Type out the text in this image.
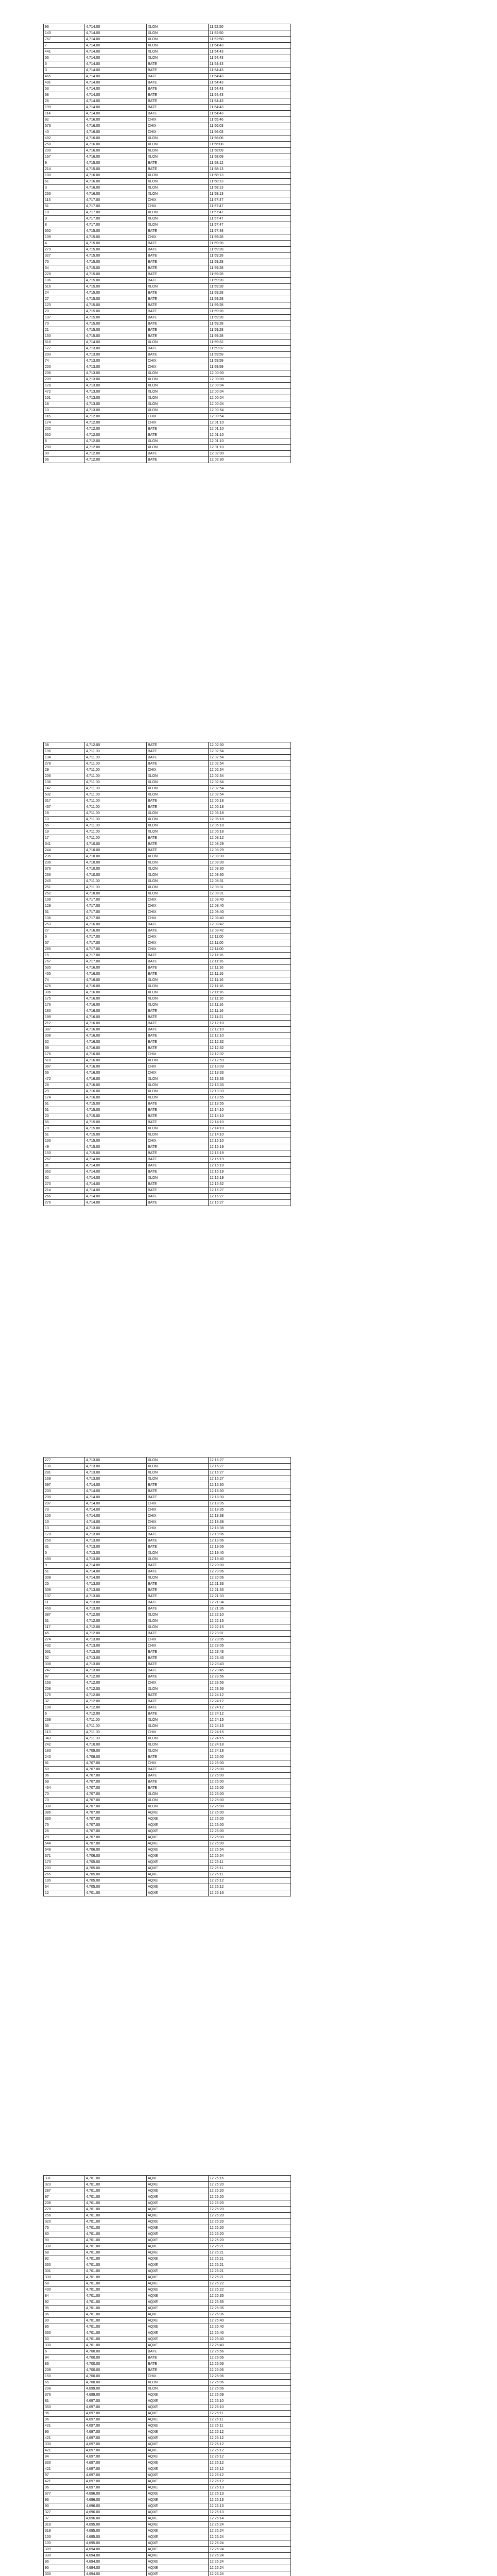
96	4,714.00	XLON	11:52:50
143	4,714.00	XLON	11:52:50
767	4,714.00	XLON	11:52:50
7	4,714.00	XLON	11:54:43
441	4,714.00	XLON	11:54:43
56	4,714.00	XLON	11:54:43
5	4,714.00	BATE	11:54:43
3	4,714.00	BATE	11:54:43
465	4,714.00	BATE	11:54:43
491	4,714.00	BATE	11:54:43
53	4,714.00	BATE	11:54:43
68	4,714.00	BATE	11:54:43
26	4,714.00	BATE	11:54:43
199	4,714.00	BATE	11:54:43
114	4,714.00	BATE	11:54:43
82	4,716.00	CHIX	11:55:46
573	4,716.00	CHIX	11:56:03
40	4,716.00	CHIX	11:56:03
492	4,716.00	XLON	11:56:06
258	4,716.00	XLON	11:56:08
209	4,716.00	XLON	11:58:09
167	4,716.00	XLON	11:58:09
9	4,715.00	BATE	11:58:12
214	4,715.00	BATE	11:58:13
180	4,716.00	XLON	11:58:13
61	4,716.00	XLON	11:58:13
3	4,716.00	XLON	11:58:13
263	4,716.00	XLON	11:58:13
113	4,717.00	CHIX	11:57:47
51	4,717.00	CHIX	11:57:47
18	4,717.00	XLON	11:57:47
9	4,717.00	XLON	11:57:47
8	4,717.00	XLON	11:57:47
652	4,715.00	BATE	11:57:48
109	4,715.00	CHIX	11:59:28
4	4,715.00	BATE	11:59:28
279	4,715.00	BATE	11:59:28
327	4,715.00	BATE	11:59:28
75	4,715.00	BATE	11:59:28
54	4,715.00	BATE	11:59:28
228	4,715.00	BATE	11:59:28
186	4,715.00	BATE	11:59:28
516	4,715.00	XLON	11:59:28
24	4,715.00	BATE	11:59:28
27	4,715.00	BATE	11:59:28
123	4,715.00	BATE	11:59:28
20	4,715.00	BATE	11:59:28
197	4,715.00	BATE	11:59:28
70	4,715.00	BATE	11:59:28
21	4,715.00	BATE	11:59:28
150	4,715.00	BATE	11:59:28
516	4,714.00	XLON	11:59:32
127	4,713.00	BATE	11:59:32
293	4,713.00	BATE	11:59:59
74	4,713.00	CHIX	11:59:59
200	4,713.00	CHIX	11:59:59
206	4,713.00	XLON	12:00:00
209	4,713.00	XLON	12:00:00
128	4,713.00	XLON	12:00:04
472	4,713.00	XLON	12:00:04
101	4,713.00	XLON	12:00:04
18	4,713.00	XLON	12:00:04
10	4,713.00	XLON	12:00:54
116	4,712.00	CHIX	12:00:54
174	4,712.00	CHIX	12:01:10
202	4,712.00	BATE	12:01:10
552	4,712.00	BATE	12:01:10
6	4,712.00	XLON	12:01:10
280	4,712.00	XLON	12:01:10
90	4,712.00	BATE	12:02:00
36	4,712.00	BATE	12:02:30
38	4,712.00	BATE	12:02:30
196	4,711.00	BATE	12:02:54
134	4,711.00	BATE	12:02:54
278	4,711.00	BATE	12:02:54
29	4,711.00	CHIX	12:02:54
206	4,711.00	XLON	12:02:54
136	4,711.00	XLON	12:02:54
142	4,711.00	XLON	12:02:54
532	4,711.00	XLON	12:02:54
317	4,711.00	BATE	12:05:18
437	4,711.00	BATE	12:05:18
18	4,711.00	XLON	12:05:18
10	4,711.00	XLON	12:05:18
55	4,711.00	XLON	12:05:18
19	4,711.00	XLON	12:05:18
17	4,711.00	BATE	12:08:12
341	4,710.00	BATE	12:08:29
244	4,710.00	BATE	12:08:29
235	4,710.00	XLON	12:08:30
236	4,710.00	XLON	12:08:30
376	4,710.00	XLON	12:08:30
236	4,710.00	XLON	12:08:30
245	4,711.00	XLON	12:08:31
251	4,711.00	XLON	12:08:31
252	4,710.00	XLON	12:08:31
109	4,717.00	CHIX	12:08:40
129	4,717.00	CHIX	12:08:40
51	4,717.00	CHIX	12:08:40
136	4,717.00	CHIX	12:08:40
253	4,716.00	BATE	12:08:42
27	4,716.00	BATE	12:08:42
6	4,717.00	CHIX	12:11:00
57	4,717.00	CHIX	12:11:00
285	4,717.00	CHIX	12:11:00
15	4,717.00	BATE	12:11:16
767	4,717.00	BATE	12:11:16
535	4,716.00	BATE	12:11:16
465	4,716.00	BATE	12:11:16
74	4,716.00	XLON	12:11:16
476	4,716.00	XLON	12:11:16
306	4,716.00	XLON	12:11:16
175	4,716.00	XLON	12:11:16
176	4,716.00	XLON	12:11:16
180	4,716.00	BATE	12:11:16
199	4,716.00	BATE	12:11:21
212	4,716.00	BATE	12:12:10
387	4,716.00	BATE	12:12:10
308	4,716.00	BATE	12:12:10
32	4,716.00	BATE	12:12:32
69	4,716.00	BATE	12:12:32
176	4,716.00	CHIX	12:12:32
518	4,716.00	XLON	12:12:59
397	4,716.00	CHIX	12:13:03
56	4,716.00	CHIX	12:13:33
472	4,716.00	XLON	12:13:33
28	4,716.00	XLON	12:13:33
29	4,716.00	XLON	12:13:33
174	4,716.00	XLON	12:13:55
61	4,715.00	BATE	12:13:55
51	4,715.00	BATE	12:14:10
20	4,715.00	BATE	12:14:10
65	4,715.00	BATE	12:14:10
70	4,715.00	XLON	12:14:10
51	4,715.00	XLON	12:14:10
133	4,715.00	CHIX	12:15:10
49	4,715.00	BATE	12:15:19
150	4,715.00	BATE	12:15:19
267	4,714.00	BATE	12:15:19
31	4,714.00	BATE	12:15:19
362	4,714.00	BATE	12:15:19
52	4,714.00	XLON	12:15:19
270	4,714.00	BATE	12:15:52
214	4,714.00	BATE	12:16:27
266	4,714.00	BATE	12:16:27
276	4,714.00	BATE	12:16:27
277	4,713.00	XLON	12:16:27
130	4,713.00	XLON	12:16:27
281	4,713.00	XLON	12:16:27
169	4,713.00	XLON	12:16:27
397	4,714.00	BATE	12:16:30
203	4,714.00	BATE	12:18:30
208	4,714.00	BATE	12:18:30
297	4,714.00	CHIX	12:18:35
73	4,714.00	CHIX	12:18:35
100	4,714.00	CHIX	12:18:38
13	4,714.00	CHIX	12:18:38
13	4,713.00	CHIX	12:18:38
178	4,713.00	BATE	12:19:06
250	4,713.00	BATE	12:19:06
31	4,713.00	BATE	12:19:06
5	4,713.00	XLON	12:19:40
493	4,713.00	XLON	12:19:40
9	4,714.00	BATE	12:20:00
51	4,714.00	BATE	12:20:06
308	4,714.00	XLON	12:20:06
25	4,713.00	BATE	12:21:33
308	4,713.00	BATE	12:21:33
137	4,713.00	BATE	12:21:33
11	4,713.00	BATE	12:21:34
469	4,713.00	BATE	12:21:36
387	4,712.00	XLON	12:22:10
31	4,712.00	XLON	12:22:15
117	4,712.00	XLON	12:22:15
45	4,712.00	BATE	12:23:01
274	4,713.00	CHIX	12:23:05
432	4,713.00	CHIX	12:23:05
531	4,713.00	BATE	12:23:43
32	4,713.00	BATE	12:23:43
308	4,713.00	BATE	12:23:43
247	4,713.00	BATE	12:23:45
87	4,712.00	BATE	12:23:56
163	4,712.00	CHIX	12:23:56
208	4,712.00	XLON	12:23:56
176	4,712.00	BATE	12:24:12
32	4,712.00	BATE	12:24:12
198	4,712.00	BATE	12:24:12
6	4,712.00	BATE	12:24:12
238	4,711.00	XLON	12:24:15
36	4,711.00	XLON	12:24:15
113	4,711.00	CHIX	12:24:15
343	4,711.00	XLON	12:24:15
242	4,710.00	XLON	12:24:18
183	4,709.00	XLON	12:24:18
240	4,708.00	BATE	12:25:00
81	4,707.00	CHIX	12:25:00
60	4,707.00	BATE	12:25:00
96	4,707.00	BATE	12:25:00
69	4,707.00	BATE	12:25:00
464	4,707.00	BATE	12:25:00
70	4,707.00	XLON	12:25:00
70	4,707.00	XLON	12:25:00
330	4,707.00	XLON	12:25:00
386	4,707.00	AQXE	12:25:00
330	4,707.00	AQXE	12:25:00
75	4,707.00	AQXE	12:25:00
26	4,707.00	AQXE	12:25:00
29	4,707.00	AQXE	12:25:00
544	4,707.00	AQXE	12:25:00
548	4,706.00	AQXE	12:25:54
371	4,706.00	AQXE	12:25:54
173	4,705.00	AQXE	12:25:11
203	4,705.00	AQXE	12:25:11
265	4,705.00	AQXE	12:25:11
195	4,705.00	AQXE	12:25:12
64	4,705.00	AQXE	12:25:12
12	4,701.00	AQXE	12:25:16
331	4,701.00	AQXE	12:25:16
323	4,701.00	AQXE	12:25:20
287	4,701.00	AQXE	12:25:20
97	4,701.00	AQXE	12:25:20
208	4,701.00	AQXE	12:25:20
278	4,701.00	AQXE	12:25:20
256	4,701.00	AQXE	12:25:20
320	4,701.00	AQXE	12:25:20
76	4,701.00	AQXE	12:25:20
80	4,701.00	AQXE	12:25:20
90	4,701.00	AQXE	12:25:20
330	4,701.00	AQXE	12:25:21
68	4,701.00	AQXE	12:25:21
92	4,701.00	AQXE	12:25:21
330	4,701.00	AQXE	12:25:21
301	4,701.00	AQXE	12:25:21
330	4,701.00	AQXE	12:25:21
58	4,701.00	AQXE	12:25:22
400	4,701.00	AQXE	12:25:22
84	4,701.00	AQXE	12:25:35
92	4,701.00	AQXE	12:25:35
95	4,701.00	AQXE	12:25:35
86	4,701.00	AQXE	12:25:36
90	4,701.00	AQXE	12:25:40
95	4,701.00	AQXE	12:25:40
330	4,701.00	AQXE	12:25:40
60	4,701.00	AQXE	12:25:40
330	4,701.00	AQXE	12:25:40
6	4,700.00	BATE	12:25:56
94	4,700.00	BATE	12:26:06
83	4,700.00	BATE	12:26:06
208	4,700.00	BATE	12:26:06
150	4,700.00	CHIX	12:26:06
65	4,700.00	XLON	12:26:06
208	4,699.00	XLON	12:26:06
376	4,699.00	AQXE	12:26:09
81	4,697.00	AQXE	12:26:10
350	4,697.00	AQXE	12:26:10
96	4,697.00	AQXE	12:26:11
96	4,697.00	AQXE	12:26:11
421	4,697.00	AQXE	12:26:11
96	4,697.00	AQXE	12:26:12
421	4,697.00	AQXE	12:26:12
330	4,697.00	AQXE	12:26:12
421	4,697.00	AQXE	12:26:12
84	4,697.00	AQXE	12:26:12
330	4,697.00	AQXE	12:26:12
421	4,697.00	AQXE	12:26:12
97	4,697.00	AQXE	12:26:12
421	4,697.00	AQXE	12:26:12
96	4,697.00	AQXE	12:26:13
377	4,696.00	AQXE	12:26:13
96	4,696.00	AQXE	12:26:13
93	4,696.00	AQXE	12:26:13
327	4,696.00	AQXE	12:26:13
97	4,696.00	AQXE	12:26:14
319	4,695.00	AQXE	12:26:24
319	4,695.00	AQXE	12:26:24
100	4,695.00	AQXE	12:26:24
103	4,695.00	AQXE	12:26:24
309	4,694.00	AQXE	12:26:24
330	4,694.00	AQXE	12:26:24
96	4,694.00	AQXE	12:26:24
95	4,694.00	AQXE	12:26:24
330	4,694.00	AQXE	12:26:24
